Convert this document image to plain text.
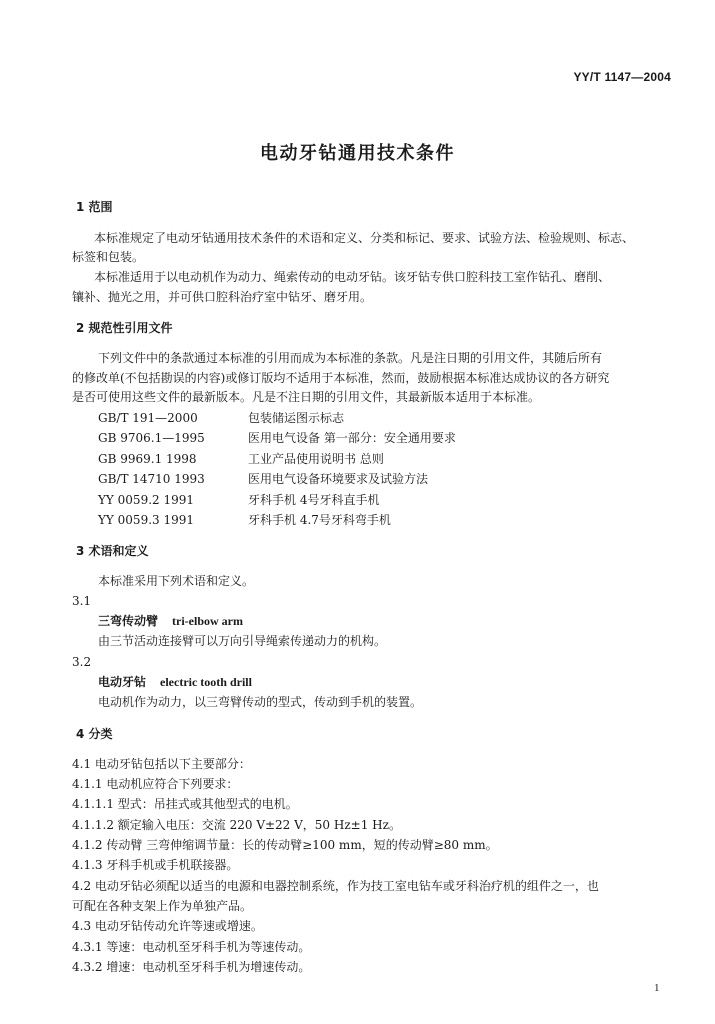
YY/T 1147—2004
电动牙钻通用技术条件
1 范围
本标准规定了电动牙钻通用技术条件的术语和定义、分类和标记、要求、试验方法、检验规则、标志、
标签和包装。
本标准适用于以电动机作为动力、绳索传动的电动牙钻。该牙钻专供口腔科技工室作钻孔、磨削、
镶补、抛光之用，并可供口腔科治疗室中钻牙、磨牙用。
2 规范性引用文件
下列文件中的条款通过本标准的引用而成为本标准的条款。凡是注日期的引用文件，其随后所有
的修改单(不包括勘误的内容)或修订版均不适用于本标准，然而，鼓励根据本标准达成协议的各方研究
是否可使用这些文件的最新版本。凡是不注日期的引用文件，其最新版本适用于本标准。
GB/T 191—2000	包装储运图示标志
GB 9706.1—1995	医用电气设备 第一部分：安全通用要求
GB 9969.1 1998	工业产品使用说明书 总则
GB/T 14710 1993	医用电气设备环境要求及试验方法
YY 0059.2 1991	牙科手机 4号牙科直手机
YY 0059.3 1991	牙科手机 4.7号牙科弯手机
3 术语和定义
本标准采用下列术语和定义。
3.1
三弯传动臂 tri-elbow arm
由三节活动连接臂可以万向引导绳索传递动力的机构。
3.2
电动牙钻 electric tooth drill
电动机作为动力，以三弯臂传动的型式，传动到手机的装置。
4 分类
4.1 电动牙钻包括以下主要部分：
4.1.1 电动机应符合下列要求：
4.1.1.1 型式：吊挂式或其他型式的电机。
4.1.1.2 额定输入电压：交流 220 V±22 V，50 Hz±1 Hz。
4.1.2 传动臂 三弯伸缩调节量：长的传动臂≥100 mm，短的传动臂≥80 mm。
4.1.3 牙科手机或手机联接器。
4.2 电动牙钻必须配以适当的电源和电器控制系统，作为技工室电钻车或牙科治疗机的组件之一，也
可配在各种支架上作为单独产品。
4.3 电动牙钻传动允许等速或增速。
4.3.1 等速：电动机至牙科手机为等速传动。
4.3.2 增速：电动机至牙科手机为增速传动。
1
